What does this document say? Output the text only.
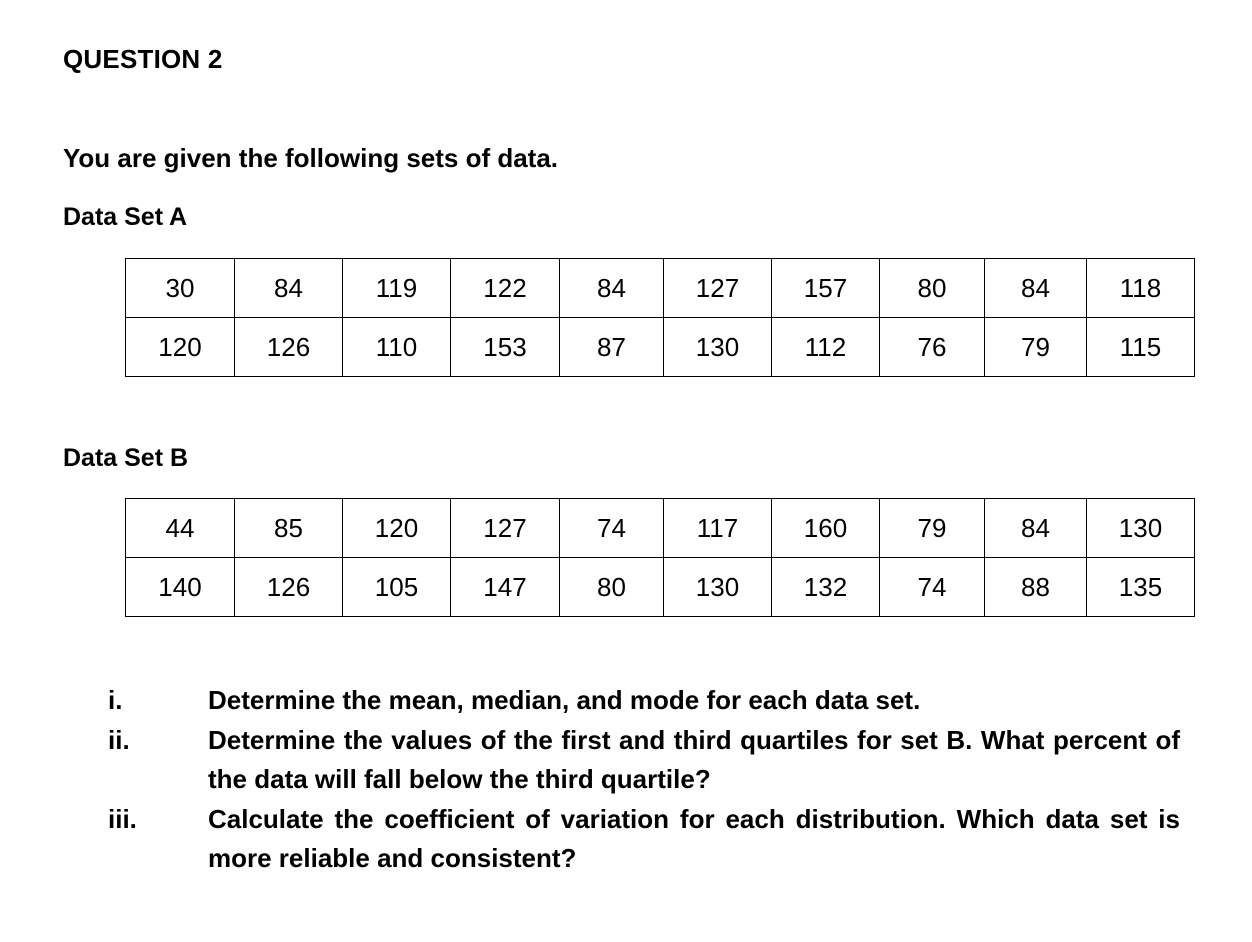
QUESTION 2
You are given the following sets of data.
Data Set A
30	84	119	122	84	127	157	80	84	118
120	126	110	153	87	130	112	76	79	115
Data Set B
44	85	120	127	74	117	160	79	84	130
140	126	105	147	80	130	132	74	88	135
i.	Determine the mean, median, and mode for each data set.
ii.	Determine the values of the first and third quartiles for set B. What percent of the data will fall below the third quartile?
iii.	Calculate the coefficient of variation for each distribution. Which data set is more reliable and consistent?
